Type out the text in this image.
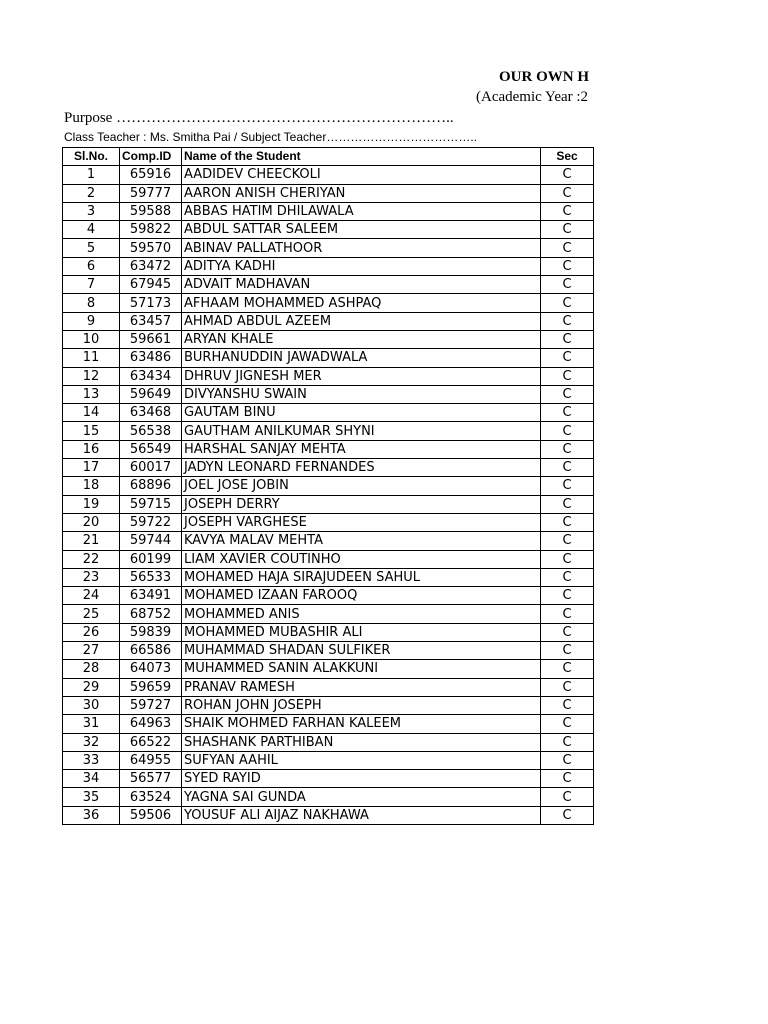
OUR OWN H
(Academic Year :2
Purpose …………………………………………………………..
Class Teacher : Ms. Smitha Pai / Subject Teacher………………………………..
Sl.No.	Comp.ID	Name of the Student	Sec
1	65916	AADIDEV CHEECKOLI	C
2	59777	AARON ANISH CHERIYAN	C
3	59588	ABBAS HATIM DHILAWALA	C
4	59822	ABDUL SATTAR SALEEM	C
5	59570	ABINAV PALLATHOOR	C
6	63472	ADITYA KADHI	C
7	67945	ADVAIT MADHAVAN	C
8	57173	AFHAAM MOHAMMED ASHPAQ	C
9	63457	AHMAD ABDUL AZEEM	C
10	59661	ARYAN KHALE	C
11	63486	BURHANUDDIN JAWADWALA	C
12	63434	DHRUV JIGNESH MER	C
13	59649	DIVYANSHU SWAIN	C
14	63468	GAUTAM BINU	C
15	56538	GAUTHAM ANILKUMAR SHYNI	C
16	56549	HARSHAL SANJAY MEHTA	C
17	60017	JADYN LEONARD FERNANDES	C
18	68896	JOEL JOSE JOBIN	C
19	59715	JOSEPH DERRY	C
20	59722	JOSEPH VARGHESE	C
21	59744	KAVYA MALAV MEHTA	C
22	60199	LIAM XAVIER COUTINHO	C
23	56533	MOHAMED HAJA SIRAJUDEEN SAHUL	C
24	63491	MOHAMED IZAAN FAROOQ	C
25	68752	MOHAMMED ANIS	C
26	59839	MOHAMMED MUBASHIR ALI	C
27	66586	MUHAMMAD SHADAN SULFIKER	C
28	64073	MUHAMMED SANIN ALAKKUNI	C
29	59659	PRANAV RAMESH	C
30	59727	ROHAN JOHN JOSEPH	C
31	64963	SHAIK MOHMED FARHAN KALEEM	C
32	66522	SHASHANK PARTHIBAN	C
33	64955	SUFYAN AAHIL	C
34	56577	SYED RAYID	C
35	63524	YAGNA SAI GUNDA	C
36	59506	YOUSUF ALI AIJAZ NAKHAWA	C
